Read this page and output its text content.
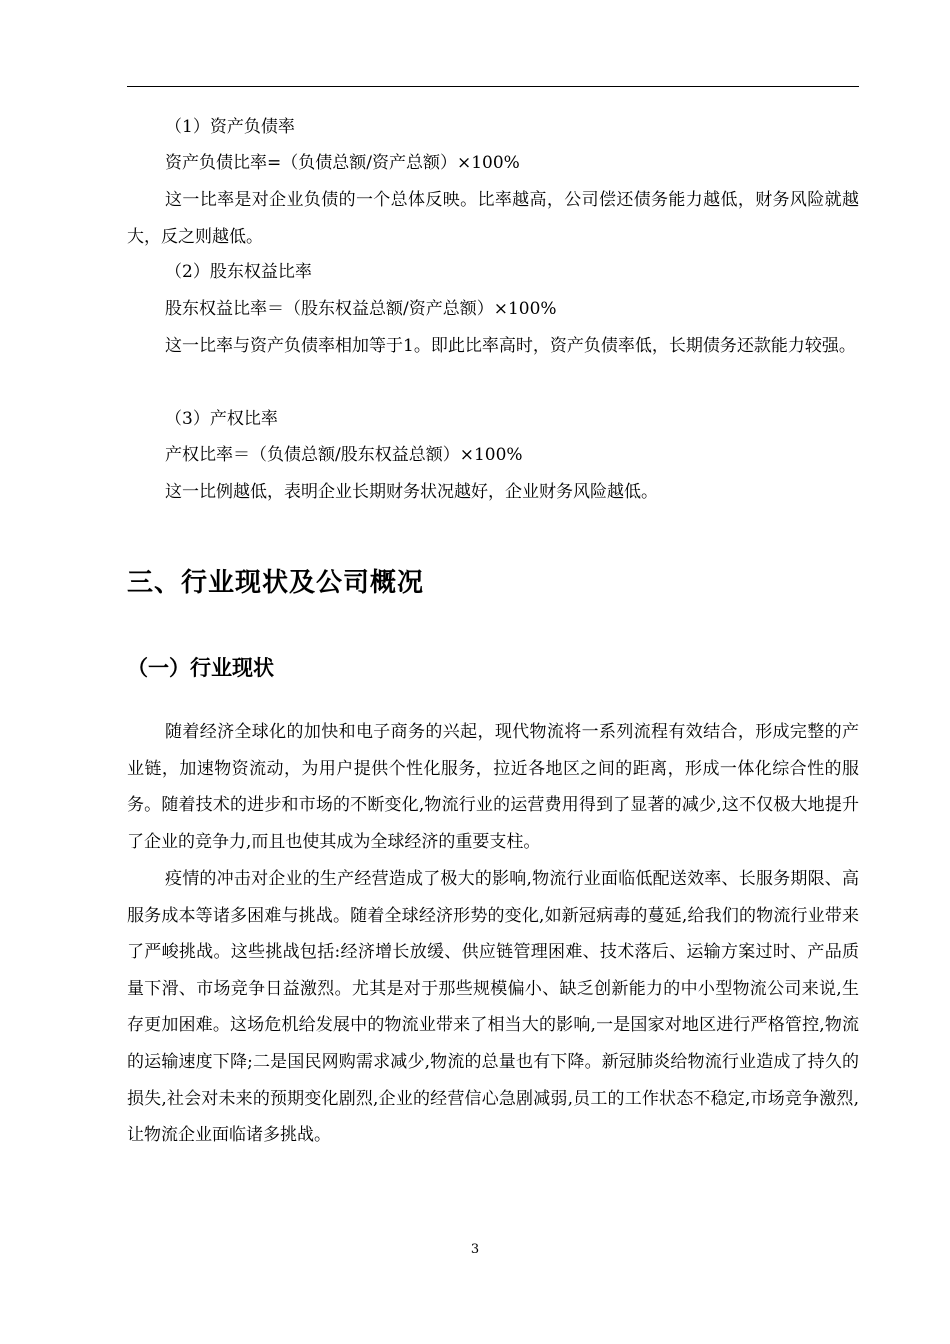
（1）资产负债率
资产负债比率=（负债总额/资产总额）×100%
这一比率是对企业负债的一个总体反映。比率越高，公司偿还债务能力越低，财务风险就越大，反之则越低。
（2）股东权益比率
股东权益比率＝（股东权益总额/资产总额）×100%
这一比率与资产负债率相加等于1。即此比率高时，资产负债率低，长期债务还款能力较强。
（3）产权比率
产权比率＝（负债总额/股东权益总额）×100%
这一比例越低，表明企业长期财务状况越好，企业财务风险越低。
三、行业现状及公司概况
（一）行业现状
随着经济全球化的加快和电子商务的兴起，现代物流将一系列流程有效结合，形成完整的产业链，加速物资流动，为用户提供个性化服务，拉近各地区之间的距离，形成一体化综合性的服务。随着技术的进步和市场的不断变化,物流行业的运营费用得到了显著的减少,这不仅极大地提升了企业的竞争力,而且也使其成为全球经济的重要支柱。
疫情的冲击对企业的生产经营造成了极大的影响,物流行业面临低配送效率、长服务期限、高服务成本等诸多困难与挑战。随着全球经济形势的变化,如新冠病毒的蔓延,给我们的物流行业带来了严峻挑战。这些挑战包括:经济增长放缓、供应链管理困难、技术落后、运输方案过时、产品质量下滑、市场竞争日益激烈。尤其是对于那些规模偏小、缺乏创新能力的中小型物流公司来说,生存更加困难。这场危机给发展中的物流业带来了相当大的影响,一是国家对地区进行严格管控,物流的运输速度下降;二是国民网购需求减少,物流的总量也有下降。新冠肺炎给物流行业造成了持久的损失,社会对未来的预期变化剧烈,企业的经营信心急剧减弱,员工的工作状态不稳定,市场竞争激烈,让物流企业面临诸多挑战。
3
